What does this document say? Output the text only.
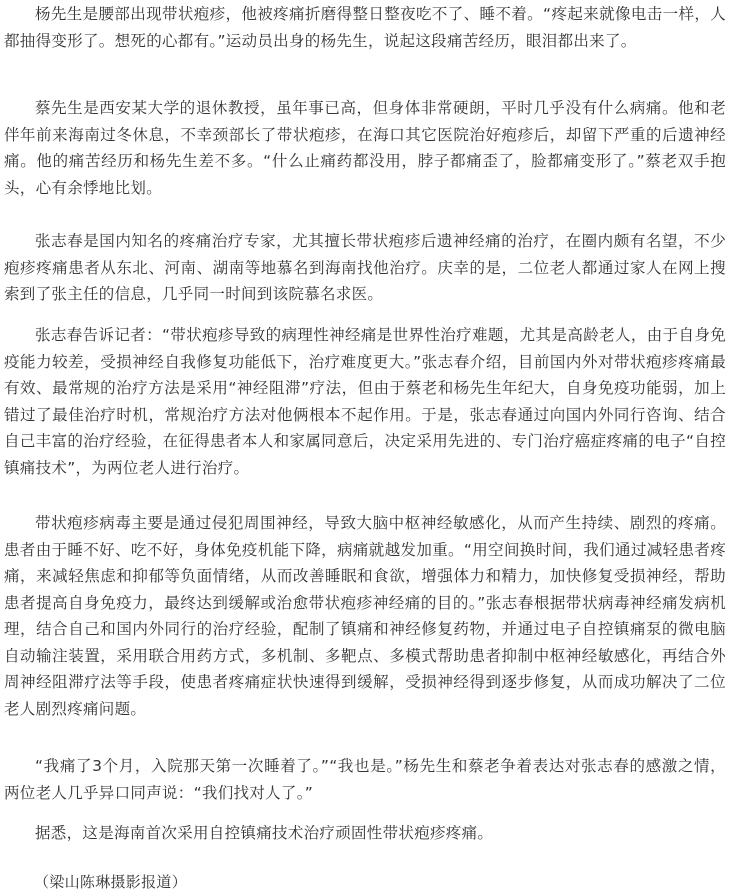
杨先生是腰部出现带状疱疹，他被疼痛折磨得整日整夜吃不了、睡不着。“疼起来就像电击一样，人都抽得变形了。想死的心都有。”运动员出身的杨先生，说起这段痛苦经历，眼泪都出来了。

蔡先生是西安某大学的退休教授，虽年事已高，但身体非常硬朗，平时几乎没有什么病痛。他和老伴年前来海南过冬休息，不幸颈部长了带状疱疹，在海口其它医院治好疱疹后，却留下严重的后遗神经痛。他的痛苦经历和杨先生差不多。“什么止痛药都没用，脖子都痛歪了，脸都痛变形了。”蔡老双手抱头，心有余悸地比划。

张志春是国内知名的疼痛治疗专家，尤其擅长带状疱疹后遗神经痛的治疗，在圈内颇有名望，不少疱疹疼痛患者从东北、河南、湖南等地慕名到海南找他治疗。庆幸的是，二位老人都通过家人在网上搜索到了张主任的信息，几乎同一时间到该院慕名求医。

张志春告诉记者：“带状疱疹导致的病理性神经痛是世界性治疗难题，尤其是高龄老人，由于自身免疫能力较差，受损神经自我修复功能低下，治疗难度更大。”张志春介绍，目前国内外对带状疱疹疼痛最有效、最常规的治疗方法是采用“神经阻滞”疗法，但由于蔡老和杨先生年纪大，自身免疫功能弱，加上错过了最佳治疗时机，常规治疗方法对他俩根本不起作用。于是，张志春通过向国内外同行咨询、结合自己丰富的治疗经验，在征得患者本人和家属同意后，决定采用先进的、专门治疗癌症疼痛的电子“自控镇痛技术”，为两位老人进行治疗。

带状疱疹病毒主要是通过侵犯周围神经，导致大脑中枢神经敏感化，从而产生持续、剧烈的疼痛。患者由于睡不好、吃不好，身体免疫机能下降，病痛就越发加重。“用空间换时间，我们通过减轻患者疼痛，来减轻焦虑和抑郁等负面情绪，从而改善睡眠和食欲，增强体力和精力，加快修复受损神经，帮助患者提高自身免疫力，最终达到缓解或治愈带状疱疹神经痛的目的。”张志春根据带状病毒神经痛发病机理，结合自己和国内外同行的治疗经验，配制了镇痛和神经修复药物，并通过电子自控镇痛泵的微电脑自动输注装置，采用联合用药方式，多机制、多靶点、多模式帮助患者抑制中枢神经敏感化，再结合外周神经阻滞疗法等手段，使患者疼痛症状快速得到缓解，受损神经得到逐步修复，从而成功解决了二位老人剧烈疼痛问题。

“我痛了3个月，入院那天第一次睡着了。”“我也是。”杨先生和蔡老争着表达对张志春的感激之情，两位老人几乎异口同声说：“我们找对人了。”

据悉，这是海南首次采用自控镇痛技术治疗顽固性带状疱疹疼痛。

（梁山陈琳摄影报道）
